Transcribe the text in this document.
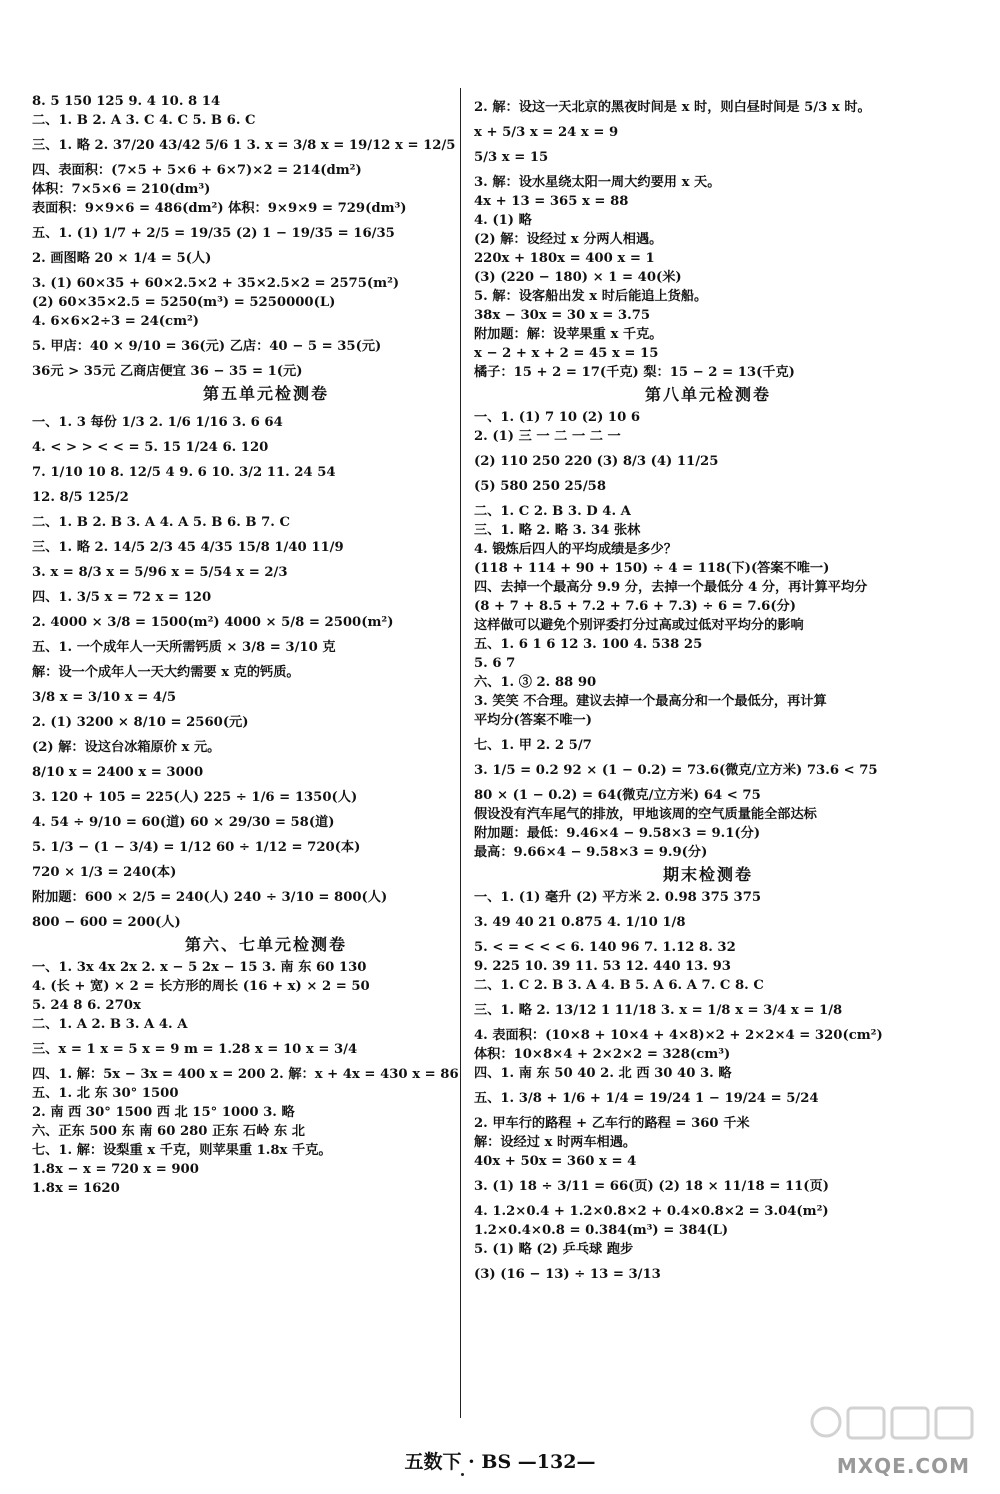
8. 5 150 125 9. 4 10. 8 14
二、1. B 2. A 3. C 4. C 5. B 6. C
三、1. 略 2. 37/20 43/42 5/6 1 3. x = 3/8 x = 19/12 x = 12/5
四、表面积：(7×5 + 5×6 + 6×7)×2 = 214(dm²)
体积：7×5×6 = 210(dm³)
表面积：9×9×6 = 486(dm²) 体积：9×9×9 = 729(dm³)
五、1. (1) 1/7 + 2/5 = 19/35 (2) 1 − 19/35 = 16/35
2. 画图略 20 × 1/4 = 5(人)
3. (1) 60×35 + 60×2.5×2 + 35×2.5×2 = 2575(m²)
(2) 60×35×2.5 = 5250(m³) = 5250000(L)
4. 6×6×2÷3 = 24(cm²)
5. 甲店：40 × 9/10 = 36(元) 乙店：40 − 5 = 35(元)
36元 > 35元 乙商店便宜 36 − 35 = 1(元)
第五单元检测卷
一、1. 3 每份 1/3 2. 1/6 1/16 3. 6 64
4. < > > < < = 5. 15 1/24 6. 120
7. 1/10 10 8. 12/5 4 9. 6 10. 3/2 11. 24 54
12. 8/5 125/2
二、1. B 2. B 3. A 4. A 5. B 6. B 7. C
三、1. 略 2. 14/5 2/3 45 4/35 15/8 1/40 11/9
3. x = 8/3 x = 5/96 x = 5/54 x = 2/3
四、1. 3/5 x = 72 x = 120
2. 4000 × 3/8 = 1500(m²) 4000 × 5/8 = 2500(m²)
五、1. 一个成年人一天所需钙质 × 3/8 = 3/10 克
解：设一个成年人一天大约需要 x 克的钙质。
3/8 x = 3/10 x = 4/5
2. (1) 3200 × 8/10 = 2560(元)
(2) 解：设这台冰箱原价 x 元。
8/10 x = 2400 x = 3000
3. 120 + 105 = 225(人) 225 ÷ 1/6 = 1350(人)
4. 54 ÷ 9/10 = 60(道) 60 × 29/30 = 58(道)
5. 1/3 − (1 − 3/4) = 1/12 60 ÷ 1/12 = 720(本)
720 × 1/3 = 240(本)
附加题：600 × 2/5 = 240(人) 240 ÷ 3/10 = 800(人)
800 − 600 = 200(人)
第六、七单元检测卷
一、1. 3x 4x 2x 2. x − 5 2x − 15 3. 南 东 60 130
4. (长 + 宽) × 2 = 长方形的周长 (16 + x) × 2 = 50
5. 24 8 6. 270x
二、1. A 2. B 3. A 4. A
三、x = 1 x = 5 x = 9 m = 1.28 x = 10 x = 3/4
四、1. 解：5x − 3x = 400 x = 200 2. 解：x + 4x = 430 x = 86
五、1. 北 东 30° 1500
2. 南 西 30° 1500 西 北 15° 1000 3. 略
六、正东 500 东 南 60 280 正东 石岭 东 北
七、1. 解：设梨重 x 千克，则苹果重 1.8x 千克。
1.8x − x = 720 x = 900
1.8x = 1620
2. 解：设这一天北京的黑夜时间是 x 时，则白昼时间是 5/3 x 时。
x + 5/3 x = 24 x = 9
5/3 x = 15
3. 解：设水星绕太阳一周大约要用 x 天。
4x + 13 = 365 x = 88
4. (1) 略
(2) 解：设经过 x 分两人相遇。
220x + 180x = 400 x = 1
(3) (220 − 180) × 1 = 40(米)
5. 解：设客船出发 x 时后能追上货船。
38x − 30x = 30 x = 3.75
附加题：解：设苹果重 x 千克。
x − 2 + x + 2 = 45 x = 15
橘子：15 + 2 = 17(千克) 梨：15 − 2 = 13(千克)
第八单元检测卷
一、1. (1) 7 10 (2) 10 6
2. (1) 三 一 二 一 二 一
(2) 110 250 220 (3) 8/3 (4) 11/25
(5) 580 250 25/58
二、1. C 2. B 3. D 4. A
三、1. 略 2. 略 3. 34 张林
4. 锻炼后四人的平均成绩是多少？
(118 + 114 + 90 + 150) ÷ 4 = 118(下)(答案不唯一)
四、去掉一个最高分 9.9 分，去掉一个最低分 4 分，再计算平均分
(8 + 7 + 8.5 + 7.2 + 7.6 + 7.3) ÷ 6 = 7.6(分)
这样做可以避免个别评委打分过高或过低对平均分的影响
五、1. 6 1 6 12 3. 100 4. 538 25
5. 6 7
六、1. ③ 2. 88 90
3. 笑笑 不合理。建议去掉一个最高分和一个最低分，再计算
平均分(答案不唯一)
七、1. 甲 2. 2 5/7
3. 1/5 = 0.2 92 × (1 − 0.2) = 73.6(微克/立方米) 73.6 < 75
80 × (1 − 0.2) = 64(微克/立方米) 64 < 75
假设没有汽车尾气的排放，甲地该周的空气质量能全部达标
附加题：最低：9.46×4 − 9.58×3 = 9.1(分)
最高：9.66×4 − 9.58×3 = 9.9(分)
期末检测卷
一、1. (1) 毫升 (2) 平方米 2. 0.98 375 375
3. 49 40 21 0.875 4. 1/10 1/8
5. < = < < < 6. 140 96 7. 1.12 8. 32
9. 225 10. 39 11. 53 12. 440 13. 93
二、1. C 2. B 3. A 4. B 5. A 6. A 7. C 8. C
三、1. 略 2. 13/12 1 11/18 3. x = 1/8 x = 3/4 x = 1/8
4. 表面积：(10×8 + 10×4 + 4×8)×2 + 2×2×4 = 320(cm²)
体积：10×8×4 + 2×2×2 = 328(cm³)
四、1. 南 东 50 40 2. 北 西 30 40 3. 略
五、1. 3/8 + 1/6 + 1/4 = 19/24 1 − 19/24 = 5/24
2. 甲车行的路程 + 乙车行的路程 = 360 千米
解：设经过 x 时两车相遇。
40x + 50x = 360 x = 4
3. (1) 18 ÷ 3/11 = 66(页) (2) 18 × 11/18 = 11(页)
4. 1.2×0.4 + 1.2×0.8×2 + 0.4×0.8×2 = 3.04(m²)
1.2×0.4×0.8 = 0.384(m³) = 384(L)
5. (1) 略 (2) 乒乓球 跑步
(3) (16 − 13) ÷ 13 = 3/13
五数下 · BS —132—	MXQE.COM
